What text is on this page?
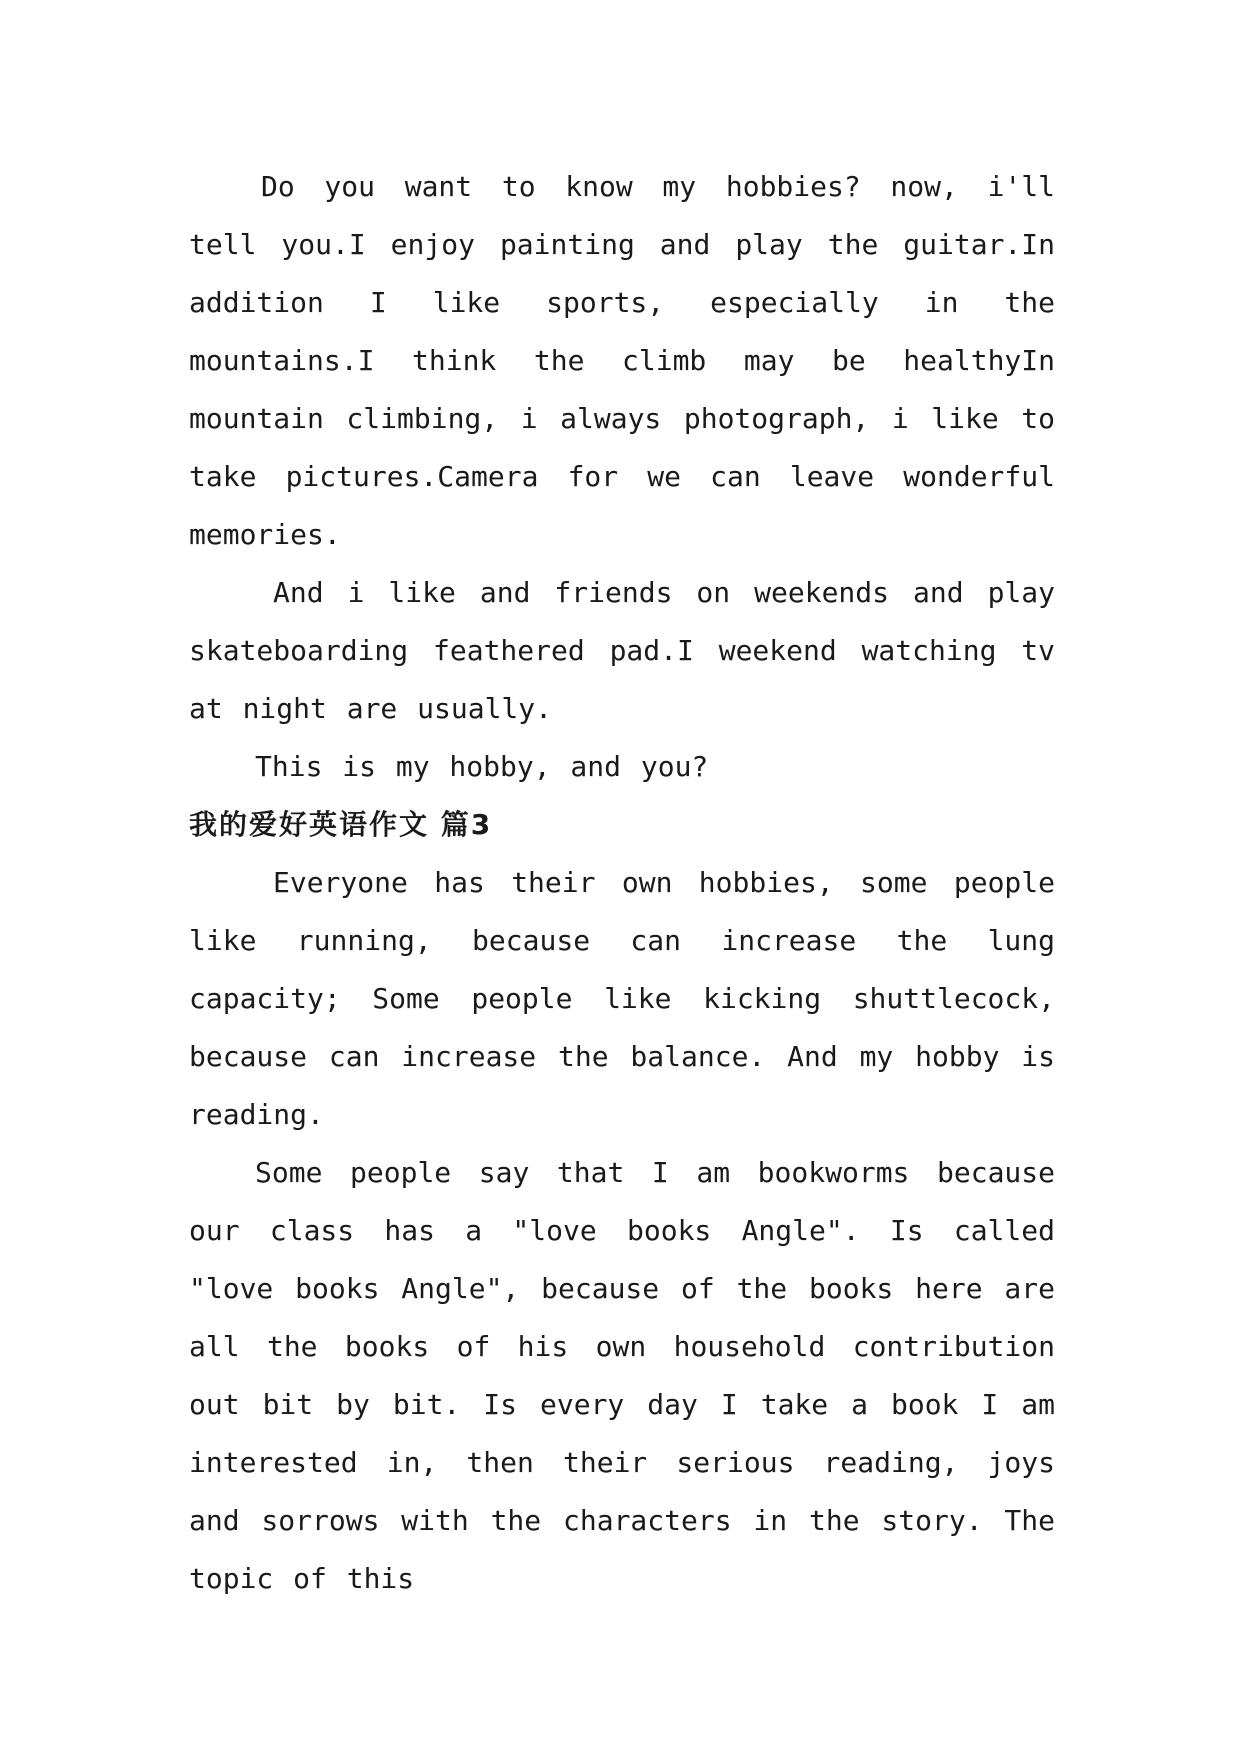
Do you want to know my hobbies? now, i'll tell you.I enjoy painting and play the guitar.In addition I like sports, especially in the mountains.I think the climb may be healthyIn mountain climbing, i always photograph, i like to take pictures.Camera for we can leave wonderful memories.

And i like and friends on weekends and play skateboarding feathered pad.I weekend watching tv at night are usually.

This is my hobby, and you?

我的爱好英语作文 篇3

Everyone has their own hobbies, some people like running, because can increase the lung capacity; Some people like kicking shuttlecock, because can increase the balance. And my hobby is reading.

Some people say that I am bookworms because our class has a "love books Angle". Is called "love books Angle", because of the books here are all the books of his own household contribution out bit by bit. Is every day I take a book I am interested in, then their serious reading, joys and sorrows with the characters in the story. The topic of this
